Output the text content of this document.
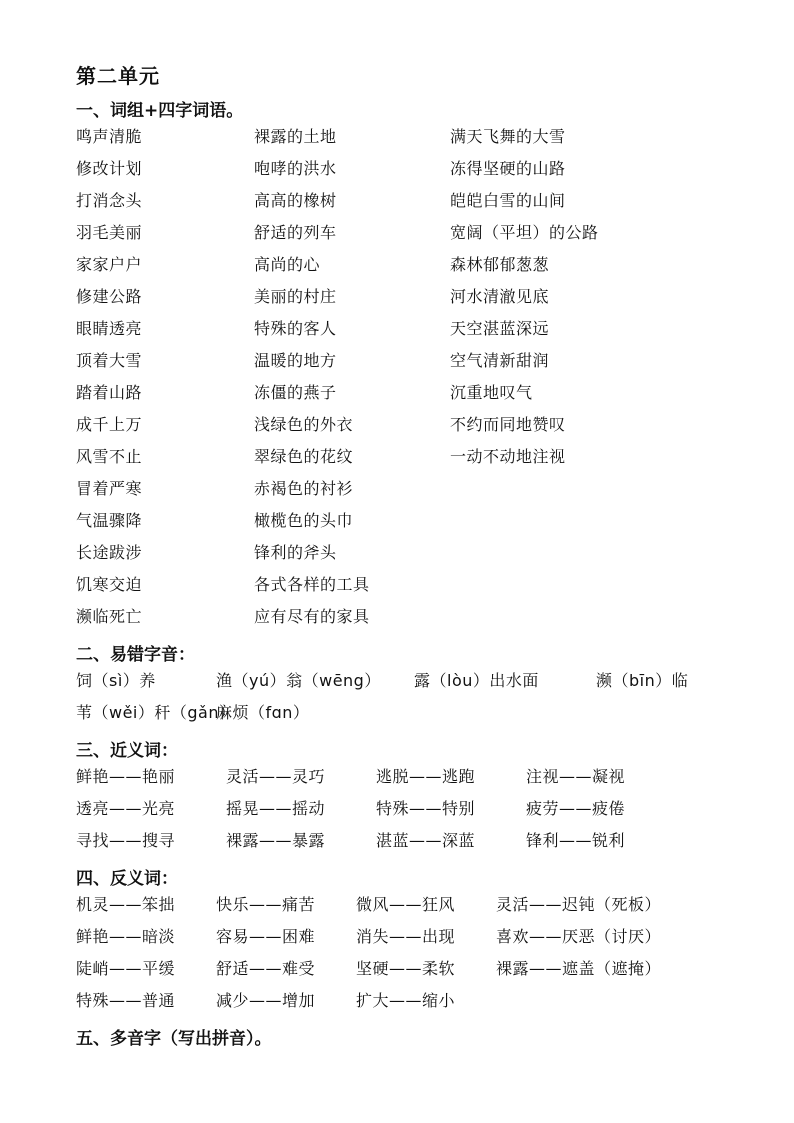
第二单元
一、词组+四字词语。
鸣声清脆	裸露的土地	满天飞舞的大雪
修改计划	咆哮的洪水	冻得坚硬的山路
打消念头	高高的橡树	皑皑白雪的山间
羽毛美丽	舒适的列车	宽阔（平坦）的公路
家家户户	高尚的心	森林郁郁葱葱
修建公路	美丽的村庄	河水清澈见底
眼睛透亮	特殊的客人	天空湛蓝深远
顶着大雪	温暖的地方	空气清新甜润
踏着山路	冻僵的燕子	沉重地叹气
成千上万	浅绿色的外衣	不约而同地赞叹
风雪不止	翠绿色的花纹	一动不动地注视
冒着严寒	赤褐色的衬衫
气温骤降	橄榄色的头巾
长途跋涉	锋利的斧头
饥寒交迫	各式各样的工具
濒临死亡	应有尽有的家具
二、易错字音：
饲（sì）养	渔（yú）翁（wēng） 露（lòu）出水面	濒（bīn）临
苇（wěi）秆（gǎn）
麻烦（fɑn）
三、近义词：
鲜艳——艳丽	灵活——灵巧	逃脱——逃跑	注视——凝视
透亮——光亮	摇晃——摇动	特殊——特别	疲劳——疲倦
寻找——搜寻	裸露——暴露	湛蓝——深蓝	锋利——锐利
四、反义词：
机灵——笨拙	快乐——痛苦	微风——狂风	灵活——迟钝（死板）
鲜艳——暗淡	容易——困难	消失——出现	喜欢——厌恶（讨厌）
陡峭——平缓	舒适——难受	坚硬——柔软	裸露——遮盖（遮掩）
特殊——普通	减少——增加	扩大——缩小
五、多音字（写出拼音）。
